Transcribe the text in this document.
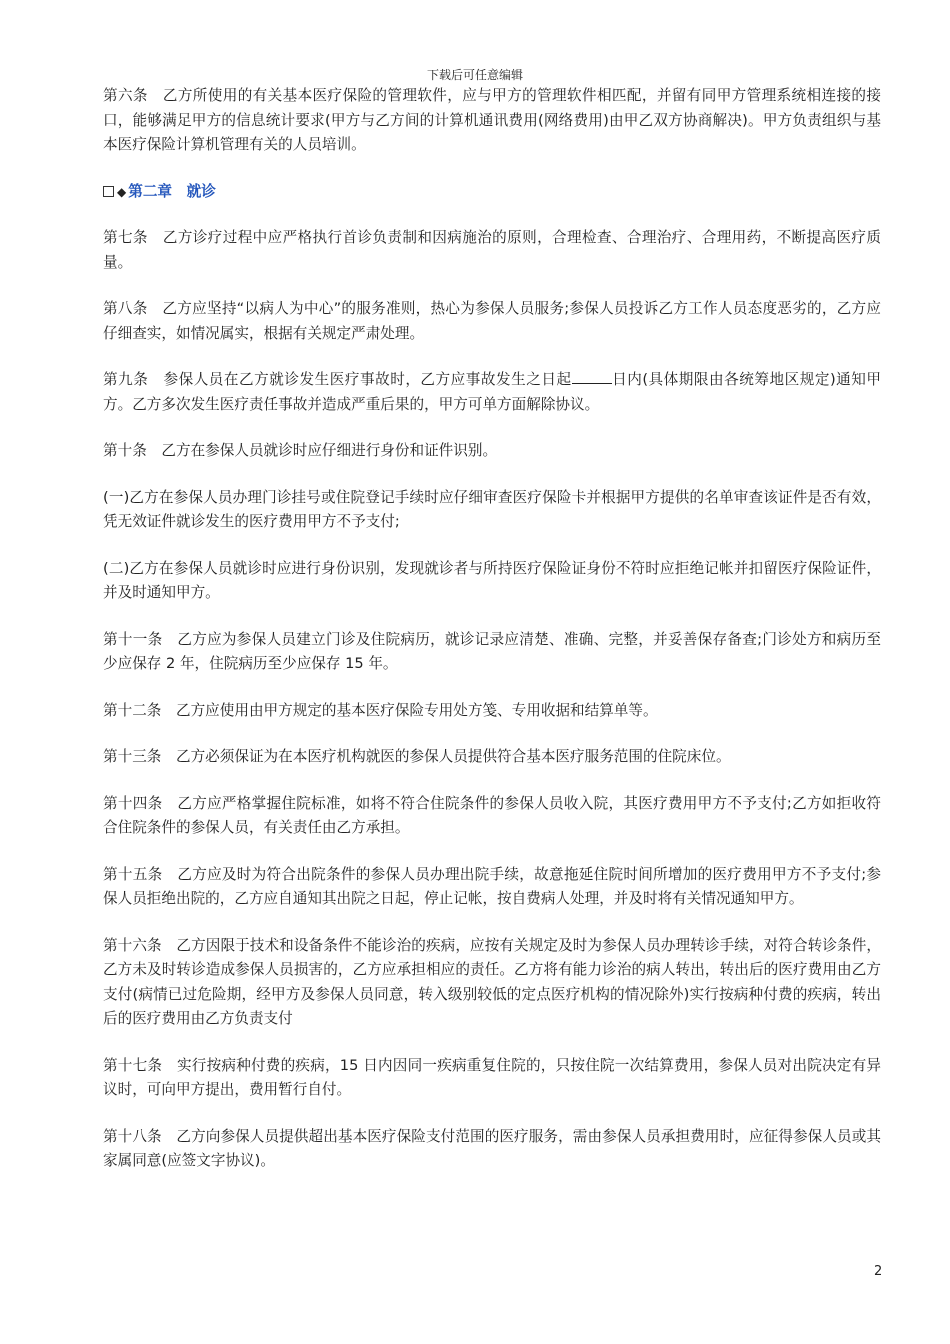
下载后可任意编辑

第六条　乙方所使用的有关基本医疗保险的管理软件，应与甲方的管理软件相匹配，并留有同甲方管理系统相连接的接口，能够满足甲方的信息统计要求(甲方与乙方间的计算机通讯费用(网络费用)由甲乙双方协商解决)。甲方负责组织与基本医疗保险计算机管理有关的人员培训。

◆ 第二章　就诊

第七条　乙方诊疗过程中应严格执行首诊负责制和因病施治的原则，合理检查、合理治疗、合理用药，不断提高医疗质量。

第八条　乙方应坚持“以病人为中心”的服务准则，热心为参保人员服务;参保人员投诉乙方工作人员态度恶劣的，乙方应仔细查实，如情况属实，根据有关规定严肃处理。

第九条　参保人员在乙方就诊发生医疗事故时，乙方应事故发生之日起	日内(具体期限由各统筹地区规定)通知甲方。乙方多次发生医疗责任事故并造成严重后果的，甲方可单方面解除协议。

第十条　乙方在参保人员就诊时应仔细进行身份和证件识别。

(一)乙方在参保人员办理门诊挂号或住院登记手续时应仔细审查医疗保险卡并根据甲方提供的名单审查该证件是否有效，凭无效证件就诊发生的医疗费用甲方不予支付;

(二)乙方在参保人员就诊时应进行身份识别，发现就诊者与所持医疗保险证身份不符时应拒绝记帐并扣留医疗保险证件，并及时通知甲方。

第十一条　乙方应为参保人员建立门诊及住院病历，就诊记录应清楚、准确、完整，并妥善保存备查;门诊处方和病历至少应保存 2 年，住院病历至少应保存 15 年。

第十二条　乙方应使用由甲方规定的基本医疗保险专用处方笺、专用收据和结算单等。

第十三条　乙方必须保证为在本医疗机构就医的参保人员提供符合基本医疗服务范围的住院床位。

第十四条　乙方应严格掌握住院标准，如将不符合住院条件的参保人员收入院，其医疗费用甲方不予支付;乙方如拒收符合住院条件的参保人员，有关责任由乙方承担。

第十五条　乙方应及时为符合出院条件的参保人员办理出院手续，故意拖延住院时间所增加的医疗费用甲方不予支付;参保人员拒绝出院的，乙方应自通知其出院之日起，停止记帐，按自费病人处理，并及时将有关情况通知甲方。

第十六条　乙方因限于技术和设备条件不能诊治的疾病，应按有关规定及时为参保人员办理转诊手续，对符合转诊条件，乙方未及时转诊造成参保人员损害的，乙方应承担相应的责任。乙方将有能力诊治的病人转出，转出后的医疗费用由乙方支付(病情已过危险期，经甲方及参保人员同意，转入级别较低的定点医疗机构的情况除外)实行按病种付费的疾病，转出后的医疗费用由乙方负责支付

第十七条　实行按病种付费的疾病，15 日内因同一疾病重复住院的，只按住院一次结算费用，参保人员对出院决定有异议时，可向甲方提出，费用暂行自付。

第十八条　乙方向参保人员提供超出基本医疗保险支付范围的医疗服务，需由参保人员承担费用时，应征得参保人员或其家属同意(应签文字协议)。

2
